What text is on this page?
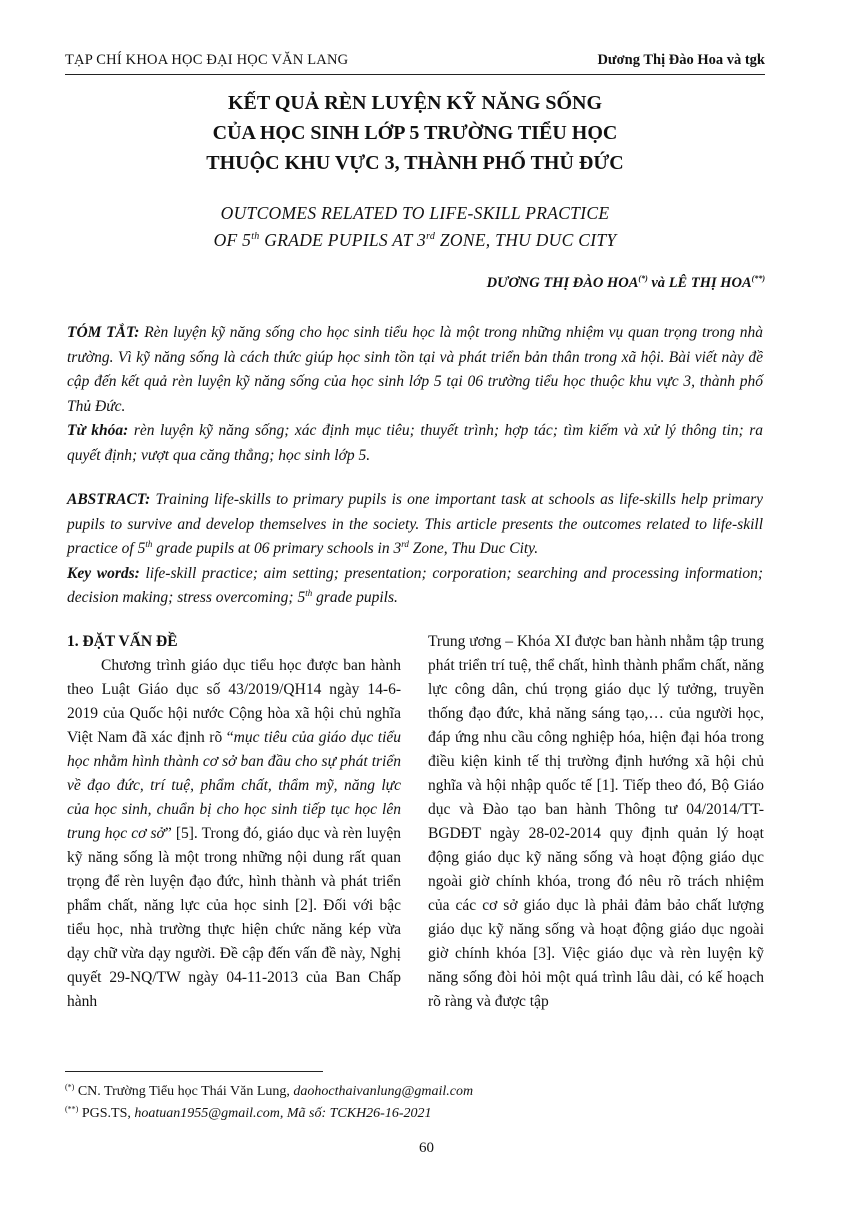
TẠP CHÍ KHOA HỌC ĐẠI HỌC VĂN LANG	Dương Thị Đào Hoa và tgk
KẾT QUẢ RÈN LUYỆN KỸ NĂNG SỐNG
CỦA HỌC SINH LỚP 5 TRƯỜNG TIỂU HỌC
THUỘC KHU VỰC 3, THÀNH PHỐ THỦ ĐỨC
OUTCOMES RELATED TO LIFE-SKILL PRACTICE
OF 5th GRADE PUPILS AT 3rd ZONE, THU DUC CITY
DƯƠNG THỊ ĐÀO HOA(*) và LÊ THỊ HOA(**)

TÓM TẮT: Rèn luyện kỹ năng sống cho học sinh tiểu học là một trong những nhiệm vụ quan trọng trong nhà trường. Vì kỹ năng sống là cách thức giúp học sinh tồn tại và phát triển bản thân trong xã hội. Bài viết này đề cập đến kết quả rèn luyện kỹ năng sống của học sinh lớp 5 tại 06 trường tiểu học thuộc khu vực 3, thành phố Thủ Đức.

Từ khóa: rèn luyện kỹ năng sống; xác định mục tiêu; thuyết trình; hợp tác; tìm kiếm và xử lý thông tin; ra quyết định; vượt qua căng thẳng; học sinh lớp 5.

ABSTRACT: Training life-skills to primary pupils is one important task at schools as life-skills help primary pupils to survive and develop themselves in the society. This article presents the outcomes related to life-skill practice of 5th grade pupils at 06 primary schools in 3rd Zone, Thu Duc City.

Key words: life-skill practice; aim setting; presentation; corporation; searching and processing information; decision making; stress overcoming; 5th grade pupils.

1. ĐẶT VẤN ĐỀ

Chương trình giáo dục tiểu học được ban hành theo Luật Giáo dục số 43/2019/QH14 ngày 14-6-2019 của Quốc hội nước Cộng hòa xã hội chủ nghĩa Việt Nam đã xác định rõ “mục tiêu của giáo dục tiểu học nhằm hình thành cơ sở ban đầu cho sự phát triển về đạo đức, trí tuệ, phẩm chất, thẩm mỹ, năng lực của học sinh, chuẩn bị cho học sinh tiếp tục học lên trung học cơ sở” [5]. Trong đó, giáo dục và rèn luyện kỹ năng sống là một trong những nội dung rất quan trọng để rèn luyện đạo đức, hình thành và phát triển phẩm chất, năng lực của học sinh [2]. Đối với bậc tiểu học, nhà trường thực hiện chức năng kép vừa dạy chữ vừa dạy người. Đề cập đến vấn đề này, Nghị quyết 29-NQ/TW ngày 04-11-2013 của Ban Chấp hành

Trung ương – Khóa XI được ban hành nhằm tập trung phát triển trí tuệ, thể chất, hình thành phẩm chất, năng lực công dân, chú trọng giáo dục lý tưởng, truyền thống đạo đức, khả năng sáng tạo,… của người học, đáp ứng nhu cầu công nghiệp hóa, hiện đại hóa trong điều kiện kinh tế thị trường định hướng xã hội chủ nghĩa và hội nhập quốc tế [1]. Tiếp theo đó, Bộ Giáo dục và Đào tạo ban hành Thông tư 04/2014/TT-BGDĐT ngày 28-02-2014 quy định quản lý hoạt động giáo dục kỹ năng sống và hoạt động giáo dục ngoài giờ chính khóa, trong đó nêu rõ trách nhiệm của các cơ sở giáo dục là phải đảm bảo chất lượng giáo dục kỹ năng sống và hoạt động giáo dục ngoài giờ chính khóa [3]. Việc giáo dục và rèn luyện kỹ năng sống đòi hỏi một quá trình lâu dài, có kế hoạch rõ ràng và được tập

(*) CN. Trường Tiểu học Thái Văn Lung, daohocthaivanlung@gmail.com
(**) PGS.TS, hoatuan1955@gmail.com, Mã số: TCKH26-16-2021
60
